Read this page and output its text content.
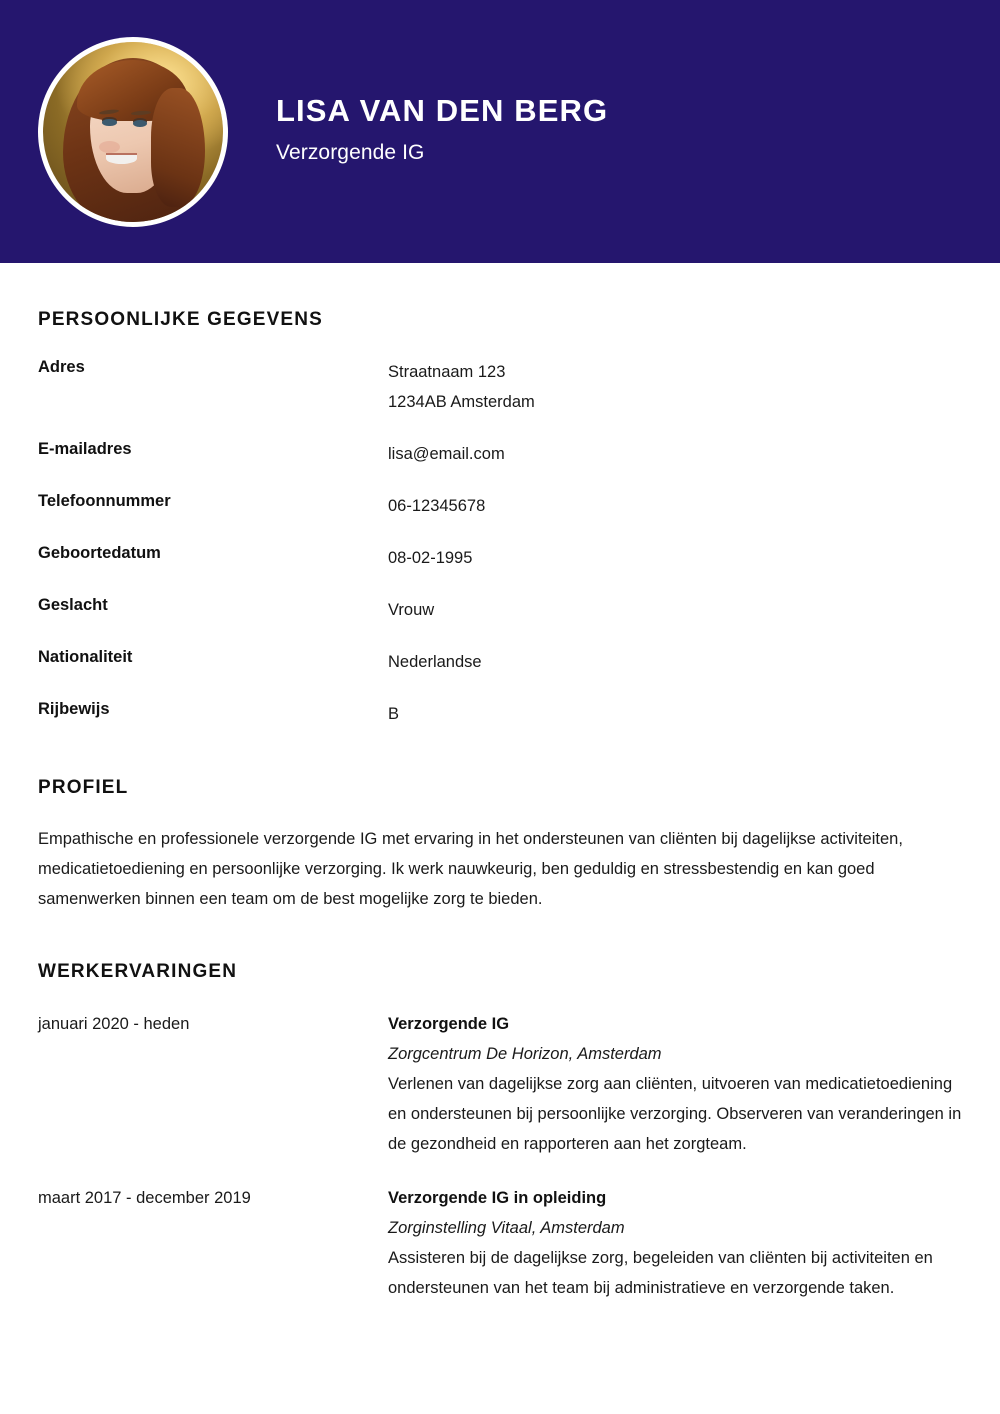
LISA VAN DEN BERG
Verzorgende IG
PERSOONLIJKE GEGEVENS
Adres	Straatnaam 123
1234AB Amsterdam
E-mailadres	lisa@email.com
Telefoonnummer	06-12345678
Geboortedatum	08-02-1995
Geslacht	Vrouw
Nationaliteit	Nederlandse
Rijbewijs	B
PROFIEL

Empathische en professionele verzorgende IG met ervaring in het ondersteunen van cliënten bij dagelijkse activiteiten, medicatietoediening en persoonlijke verzorging. Ik werk nauwkeurig, ben geduldig en stressbestendig en kan goed samenwerken binnen een team om de best mogelijke zorg te bieden.

WERKERVARINGEN
januari 2020 - heden	Verzorgende IG
Zorgcentrum De Horizon, Amsterdam
Verlenen van dagelijkse zorg aan cliënten, uitvoeren van medicatietoediening en ondersteunen bij persoonlijke verzorging. Observeren van veranderingen in de gezondheid en rapporteren aan het zorgteam.
maart 2017 - december 2019	Verzorgende IG in opleiding
Zorginstelling Vitaal, Amsterdam
Assisteren bij de dagelijkse zorg, begeleiden van cliënten bij activiteiten en ondersteunen van het team bij administratieve en verzorgende taken.
